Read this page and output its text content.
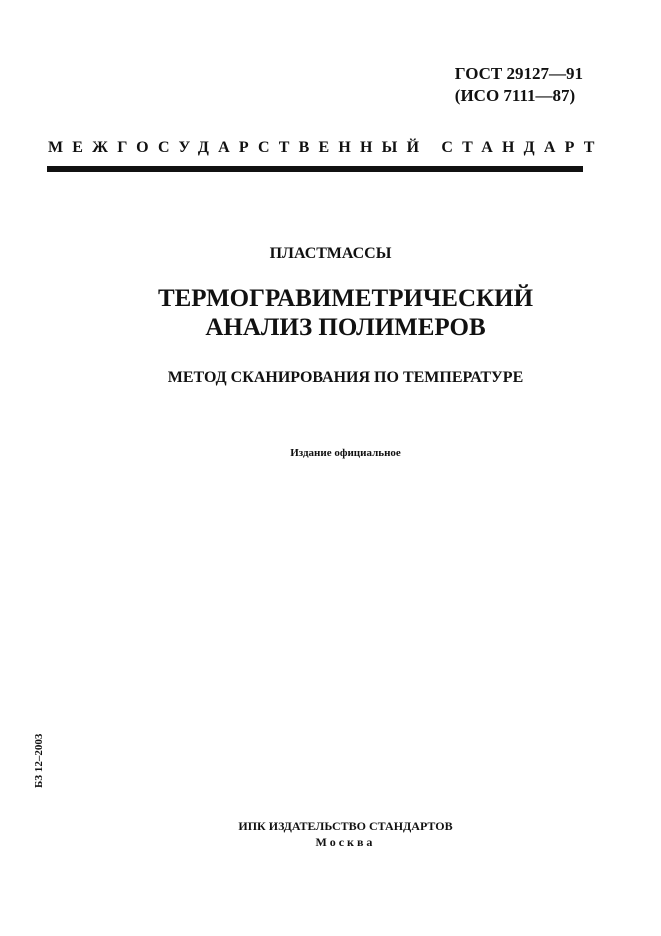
ГОСТ 29127—91
(ИСО 7111—87)
МЕЖГОСУДАРСТВЕННЫЙ СТАНДАРТ
ПЛАСТМАССЫ
ТЕРМОГРАВИМЕТРИЧЕСКИЙ
АНАЛИЗ ПОЛИМЕРОВ
МЕТОД СКАНИРОВАНИЯ ПО ТЕМПЕРАТУРЕ
Издание официальное
БЗ 12–2003
ИПК ИЗДАТЕЛЬСТВО СТАНДАРТОВ
Москва
